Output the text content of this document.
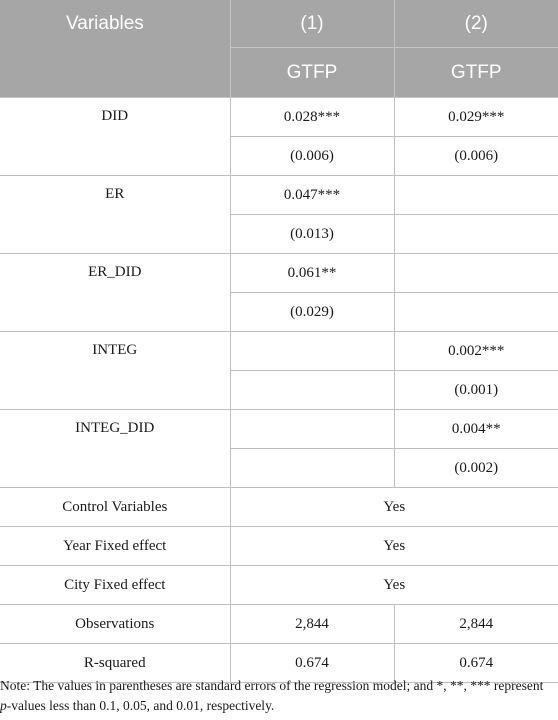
Variables	(1)	(2)
	GTFP	GTFP
DID	0.028***	0.029***
	(0.006)	(0.006)
ER	0.047***	
	(0.013)	
ER_DID	0.061**	
	(0.029)	
INTEG		0.002***
		(0.001)
INTEG_DID		0.004**
		(0.002)
Control Variables	Yes	
Year Fixed effect	Yes	
City Fixed effect	Yes	
Observations	2,844	2,844
R-squared	0.674	0.674
Note: The values in parentheses are standard errors of the regression model; and *, **, *** represent p-values less than 0.1, 0.05, and 0.01, respectively.
